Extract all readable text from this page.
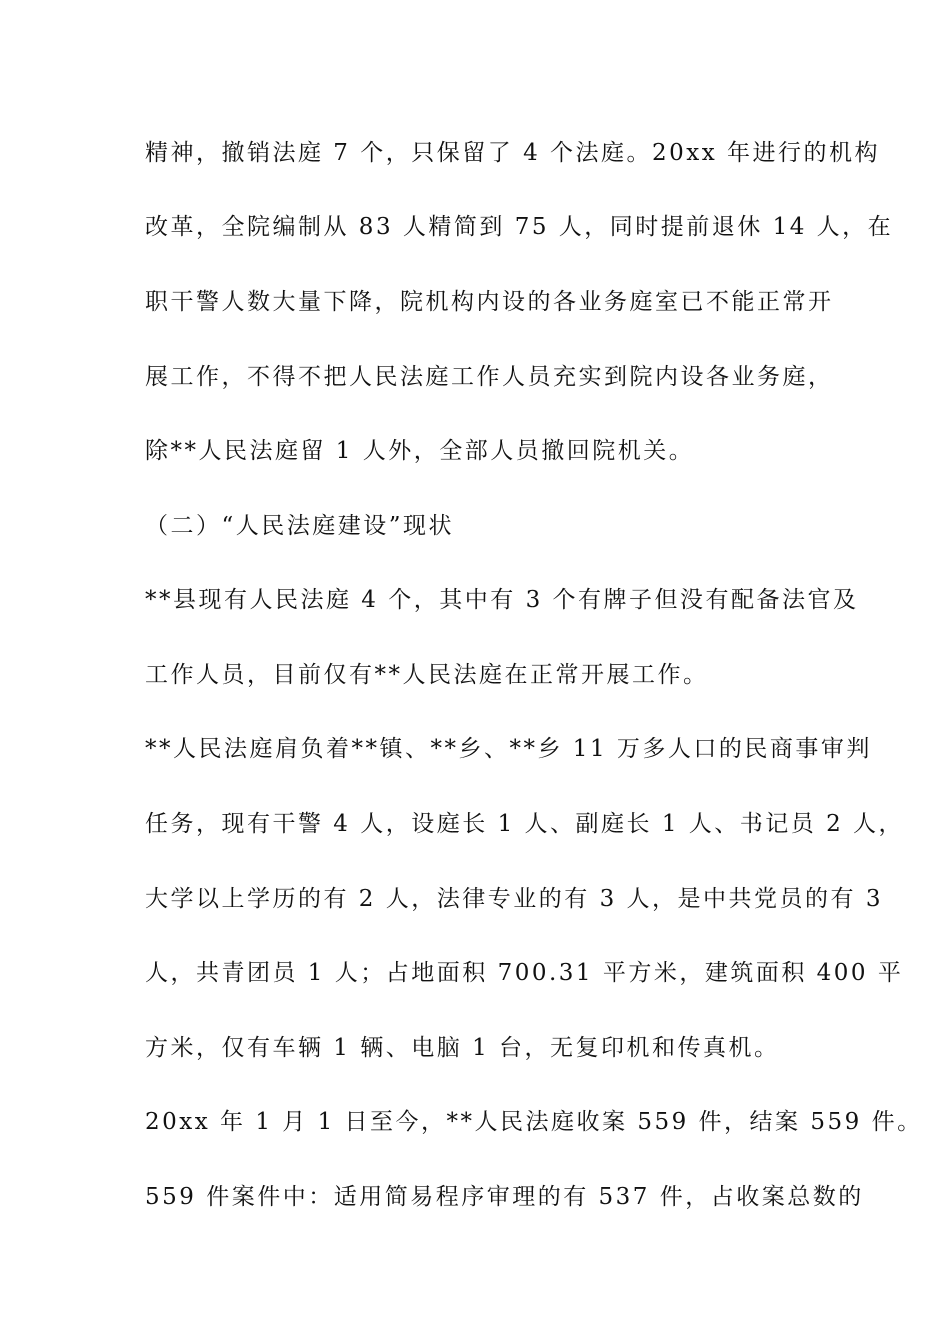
精神，撤销法庭 7 个，只保留了 4 个法庭。20xx 年进行的机构
改革，全院编制从 83 人精简到 75 人，同时提前退休 14 人，在
职干警人数大量下降，院机构内设的各业务庭室已不能正常开
展工作，不得不把人民法庭工作人员充实到院内设各业务庭，
除**人民法庭留 1 人外，全部人员撤回院机关。
（二）“人民法庭建设”现状
**县现有人民法庭 4 个，其中有 3 个有牌子但没有配备法官及
工作人员，目前仅有**人民法庭在正常开展工作。
**人民法庭肩负着**镇、**乡、**乡 11 万多人口的民商事审判
任务，现有干警 4 人，设庭长 1 人、副庭长 1 人、书记员 2 人，
大学以上学历的有 2 人，法律专业的有 3 人，是中共党员的有 3
人，共青团员 1 人；占地面积 700.31 平方米，建筑面积 400 平
方米，仅有车辆 1 辆、电脑 1 台，无复印机和传真机。
20xx 年 1 月 1 日至今，**人民法庭收案 559 件，结案 559 件。
559 件案件中：适用简易程序审理的有 537 件，占收案总数的
